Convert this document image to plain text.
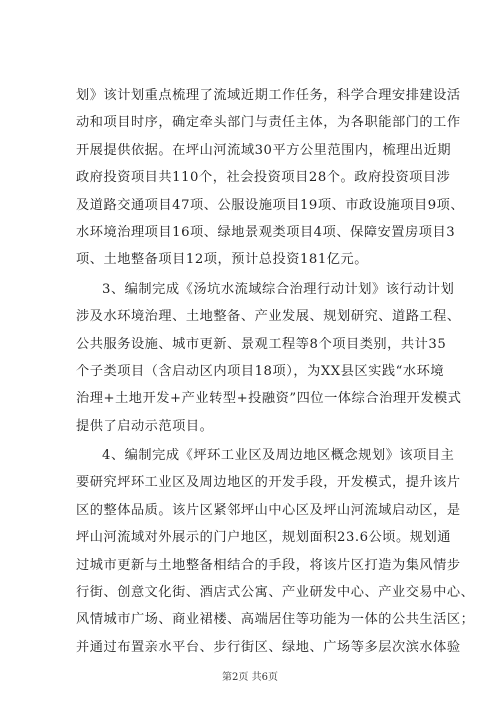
划》该计划重点梳理了流域近期工作任务，科学合理安排建设活
动和项目时序，确定牵头部门与责任主体，为各职能部门的工作
开展提供依据。在坪山河流域30平方公里范围内，梳理出近期
政府投资项目共110个，社会投资项目28个。政府投资项目涉
及道路交通项目47项、公服设施项目19项、市政设施项目9项、
水环境治理项目16项、绿地景观类项目4项、保障安置房项目3
项、土地整备项目12项，预计总投资181亿元。
3、编制完成《汤坑水流域综合治理行动计划》该行动计划
涉及水环境治理、土地整备、产业发展、规划研究、道路工程、
公共服务设施、城市更新、景观工程等8个项目类别，共计35
个子类项目（含启动区内项目18项），为XX县区实践“水环境
治理+土地开发+产业转型+投融资”四位一体综合治理开发模式
提供了启动示范项目。
4、编制完成《坪环工业区及周边地区概念规划》该项目主
要研究坪环工业区及周边地区的开发手段，开发模式，提升该片
区的整体品质。该片区紧邻坪山中心区及坪山河流域启动区，是
坪山河流域对外展示的门户地区，规划面积23.6公顷。规划通
过城市更新与土地整备相结合的手段，将该片区打造为集风情步
行街、创意文化街、酒店式公寓、产业研发中心、产业交易中心、
风情城市广场、商业裙楼、高端居住等功能为一体的公共生活区；
并通过布置亲水平台、步行街区、绿地、广场等多层次滨水体验
第2页 共6页
